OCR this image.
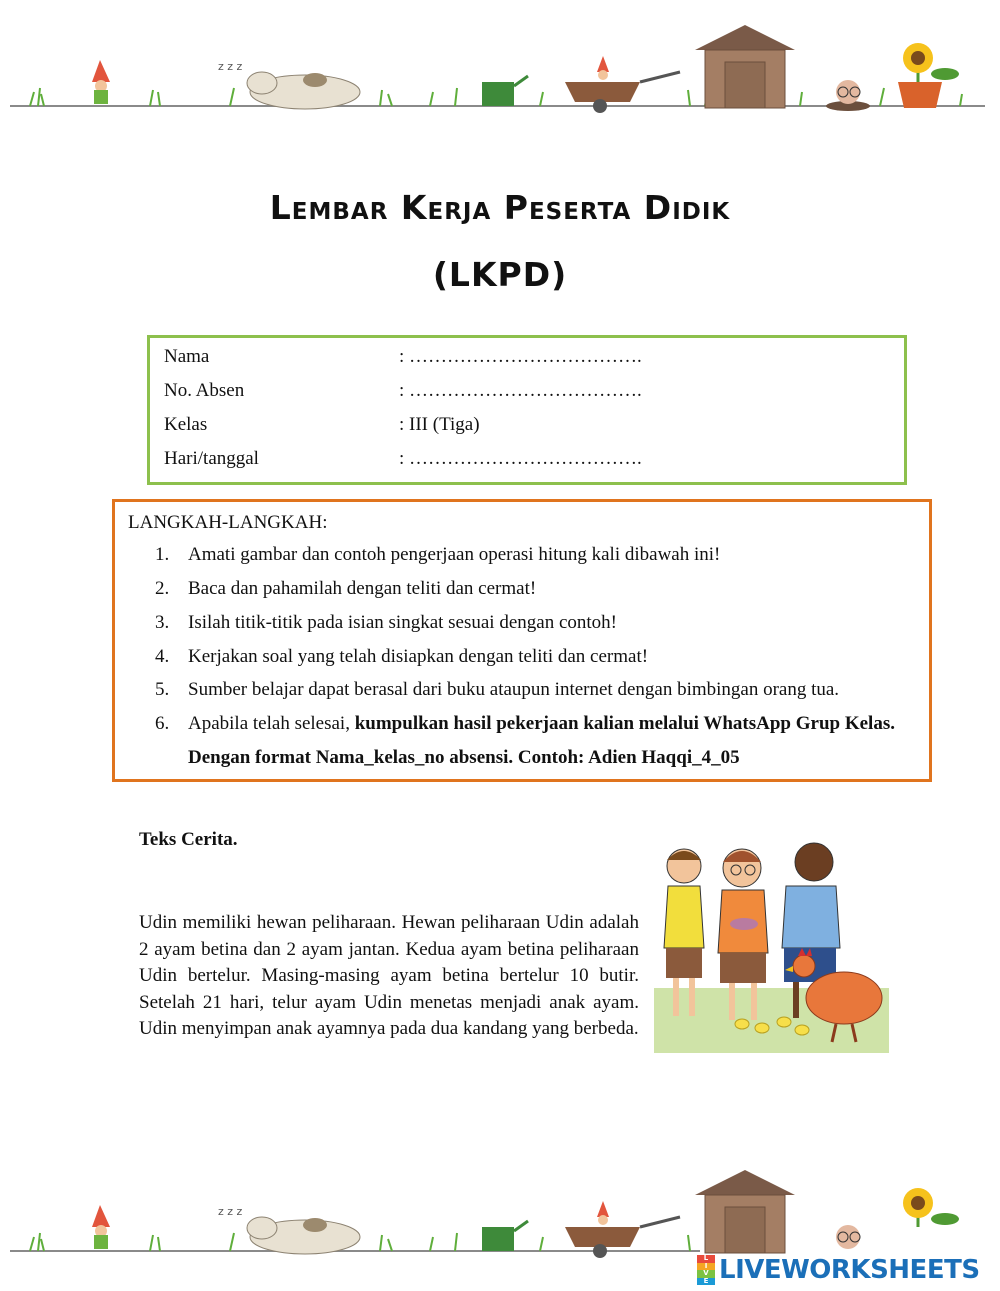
z z z
Lembar Kerja Peserta Didik
(LKPD)
Nama	: ……………………………….
No. Absen	: ……………………………….
Kelas	: III (Tiga)
Hari/tanggal	: ……………………………….
LANGKAH-LANGKAH:
1. Amati gambar dan contoh pengerjaan operasi hitung kali dibawah ini!
2. Baca dan pahamilah dengan teliti dan cermat!
3. Isilah titik-titik pada isian singkat sesuai dengan contoh!
4. Kerjakan soal yang telah disiapkan dengan teliti dan cermat!
5. Sumber belajar dapat berasal dari buku ataupun internet dengan bimbingan orang tua.
6. Apabila telah selesai, kumpulkan hasil pekerjaan kalian melalui WhatsApp Grup Kelas.
Dengan format Nama_kelas_no absensi. Contoh: Adien Haqqi_4_05
Teks Cerita.
Udin memiliki hewan peliharaan. Hewan peliharaan Udin adalah 2 ayam betina dan 2 ayam jantan. Kedua ayam betina peliharaan Udin bertelur. Masing-masing ayam betina bertelur 10 butir. Setelah 21 hari, telur ayam Udin menetas menjadi anak ayam. Udin menyimpan anak ayamnya pada dua kandang yang berbeda.
z z z
L
I
V
E LIVEWORKSHEETS
